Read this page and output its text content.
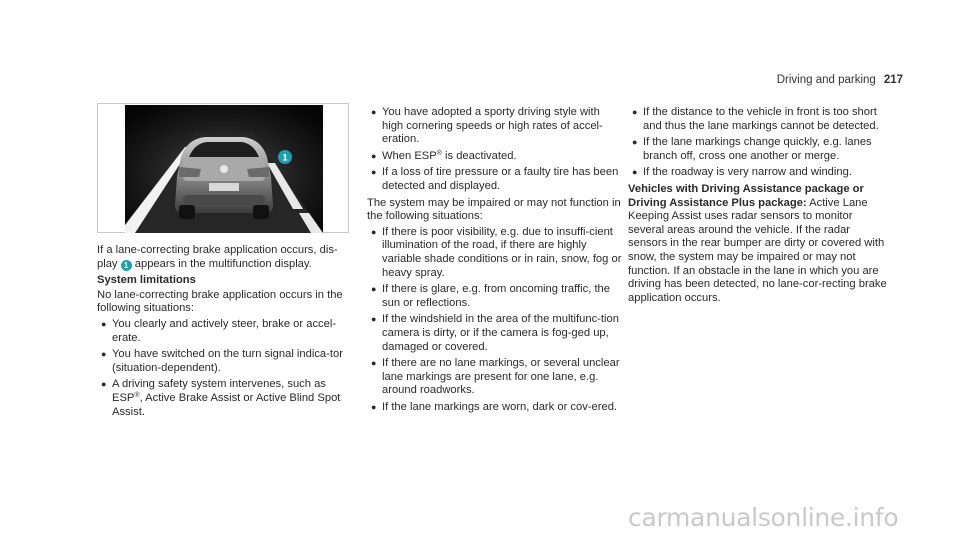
Driving and parking 217
1

If a lane-correcting brake application occurs, dis-play 1 appears in the multifunction display.

System limitations

No lane-correcting brake application occurs in the following situations:

● You clearly and actively steer, brake or accel-erate.
● You have switched on the turn signal indica-tor (situation-dependent).
● A driving safety system intervenes, such as ESP®, Active Brake Assist or Active Blind Spot Assist.
● You have adopted a sporty driving style with high cornering speeds or high rates of accel-eration.
● When ESP® is deactivated.
● If a loss of tire pressure or a faulty tire has been detected and displayed.

The system may be impaired or may not function in the following situations:

● If there is poor visibility, e.g. due to insuffi-cient illumination of the road, if there are highly variable shade conditions or in rain, snow, fog or heavy spray.
● If there is glare, e.g. from oncoming traffic, the sun or reflections.
● If the windshield in the area of the multifunc-tion camera is dirty, or if the camera is fog-ged up, damaged or covered.
● If there are no lane markings, or several unclear lane markings are present for one lane, e.g. around roadworks.
● If the lane markings are worn, dark or cov-ered.
● If the distance to the vehicle in front is too short and thus the lane markings cannot be detected.
● If the lane markings change quickly, e.g. lanes branch off, cross one another or merge.
● If the roadway is very narrow and winding.

Vehicles with Driving Assistance package or Driving Assistance Plus package: Active Lane Keeping Assist uses radar sensors to monitor several areas around the vehicle. If the radar sensors in the rear bumper are dirty or covered with snow, the system may be impaired or may not function. If an obstacle in the lane in which you are driving has been detected, no lane-cor-recting brake application occurs.

carmanualsonline.info
